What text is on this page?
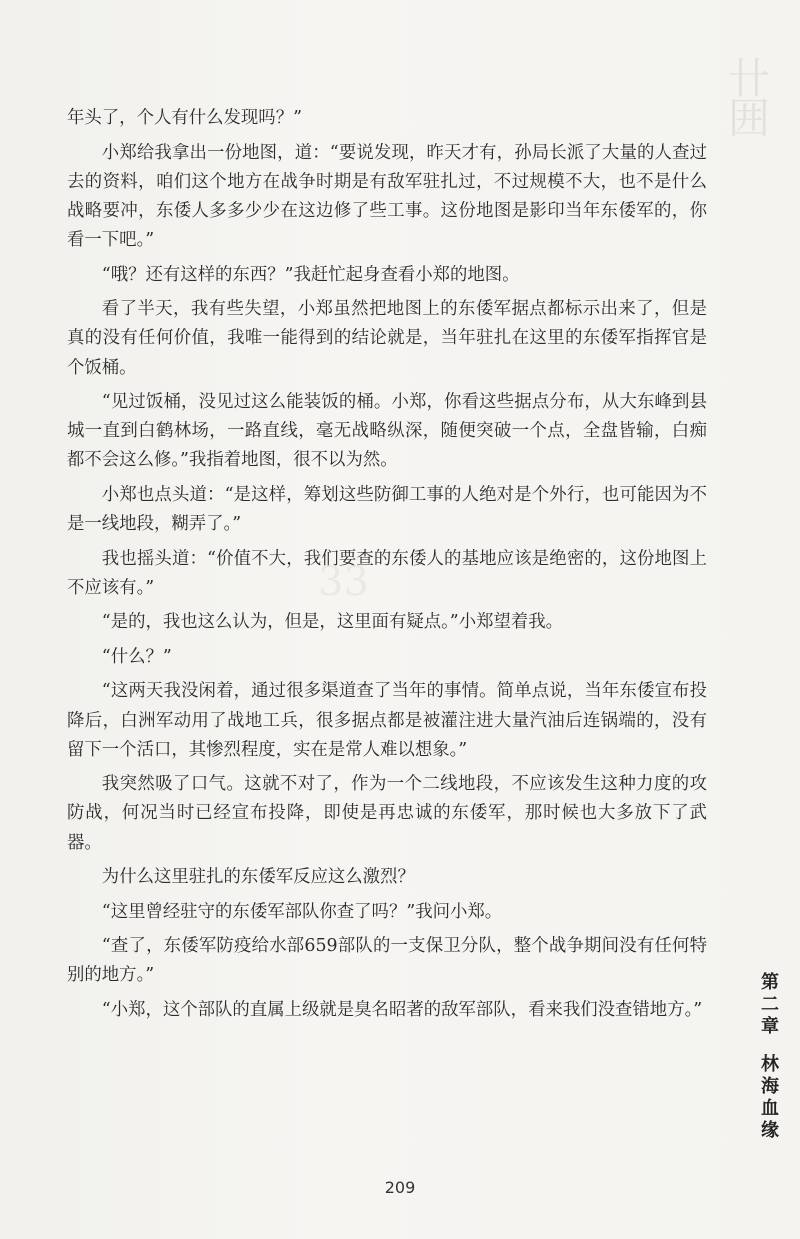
卄
囲
33

年头了，个人有什么发现吗？”

小郑给我拿出一份地图，道：“要说发现，昨天才有，孙局长派了大量的人查过去的资料，咱们这个地方在战争时期是有敌军驻扎过，不过规模不大，也不是什么战略要冲，东倭人多多少少在这边修了些工事。这份地图是影印当年东倭军的，你看一下吧。”

“哦？还有这样的东西？”我赶忙起身查看小郑的地图。

看了半天，我有些失望，小郑虽然把地图上的东倭军据点都标示出来了，但是真的没有任何价值，我唯一能得到的结论就是，当年驻扎在这里的东倭军指挥官是个饭桶。

“见过饭桶，没见过这么能装饭的桶。小郑，你看这些据点分布，从大东峰到县城一直到白鹤林场，一路直线，毫无战略纵深，随便突破一个点，全盘皆输，白痴都不会这么修。”我指着地图，很不以为然。

小郑也点头道：“是这样，筹划这些防御工事的人绝对是个外行，也可能因为不是一线地段，糊弄了。”

我也摇头道：“价值不大，我们要查的东倭人的基地应该是绝密的，这份地图上不应该有。”

“是的，我也这么认为，但是，这里面有疑点。”小郑望着我。

“什么？”

“这两天我没闲着，通过很多渠道查了当年的事情。简单点说，当年东倭宣布投降后，白洲军动用了战地工兵，很多据点都是被灌注进大量汽油后连锅端的，没有留下一个活口，其惨烈程度，实在是常人难以想象。”

我突然吸了口气。这就不对了，作为一个二线地段，不应该发生这种力度的攻防战，何况当时已经宣布投降，即使是再忠诚的东倭军，那时候也大多放下了武器。

为什么这里驻扎的东倭军反应这么激烈？

“这里曾经驻守的东倭军部队你查了吗？”我问小郑。

“查了，东倭军防疫给水部659部队的一支保卫分队，整个战争期间没有任何特别的地方。”

“小郑，这个部队的直属上级就是臭名昭著的敌军部队，看来我们没查错地方。”

第
二
章
林
海
血
缘
209
